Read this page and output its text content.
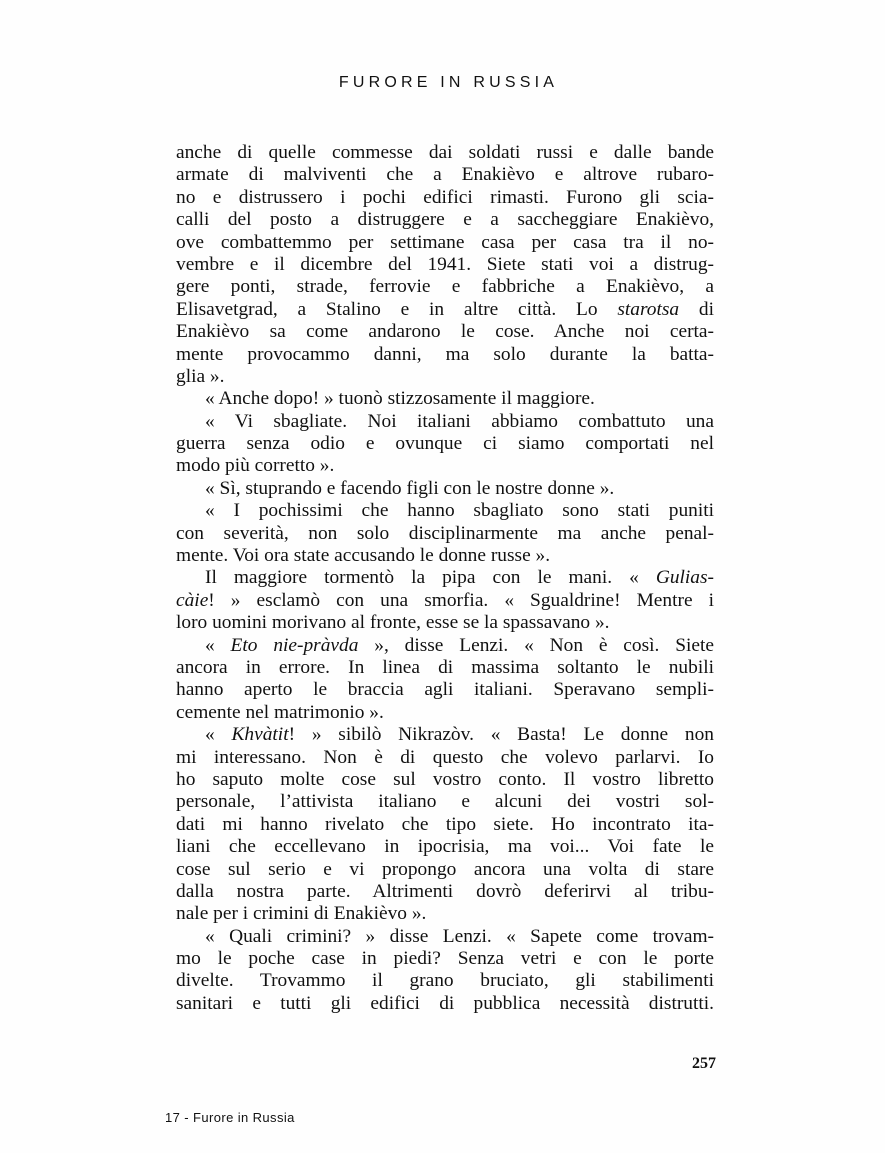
FURORE IN RUSSIA
anche di quelle commesse dai soldati russi e dalle bande
armate di malviventi che a Enakièvo e altrove rubaro-
no e distrussero i pochi edifici rimasti. Furono gli scia-
calli del posto a distruggere e a saccheggiare Enakièvo,
ove combattemmo per settimane casa per casa tra il no-
vembre e il dicembre del 1941. Siete stati voi a distrug-
gere ponti, strade, ferrovie e fabbriche a Enakièvo, a
Elisavetgrad, a Stalino e in altre città. Lo starotsa di
Enakièvo sa come andarono le cose. Anche noi certa-
mente provocammo danni, ma solo durante la batta-
glia ».
« Anche dopo! » tuonò stizzosamente il maggiore.
« Vi sbagliate. Noi italiani abbiamo combattuto una
guerra senza odio e ovunque ci siamo comportati nel
modo più corretto ».
« Sì, stuprando e facendo figli con le nostre donne ».
« I pochissimi che hanno sbagliato sono stati puniti
con severità, non solo disciplinarmente ma anche penal-
mente. Voi ora state accusando le donne russe ».
Il maggiore tormentò la pipa con le mani. « Gulias-
càie! » esclamò con una smorfia. « Sgualdrine! Mentre i
loro uomini morivano al fronte, esse se la spassavano ».
« Eto nie-pràvda », disse Lenzi. « Non è così. Siete
ancora in errore. In linea di massima soltanto le nubili
hanno aperto le braccia agli italiani. Speravano sempli-
cemente nel matrimonio ».
« Khvàtit! » sibilò Nikrazòv. « Basta! Le donne non
mi interessano. Non è di questo che volevo parlarvi. Io
ho saputo molte cose sul vostro conto. Il vostro libretto
personale, l’attivista italiano e alcuni dei vostri sol-
dati mi hanno rivelato che tipo siete. Ho incontrato ita-
liani che eccellevano in ipocrisia, ma voi... Voi fate le
cose sul serio e vi propongo ancora una volta di stare
dalla nostra parte. Altrimenti dovrò deferirvi al tribu-
nale per i crimini di Enakièvo ».
« Quali crimini? » disse Lenzi. « Sapete come trovam-
mo le poche case in piedi? Senza vetri e con le porte
divelte. Trovammo il grano bruciato, gli stabilimenti
sanitari e tutti gli edifici di pubblica necessità distrutti.
257
17 - Furore in Russia
